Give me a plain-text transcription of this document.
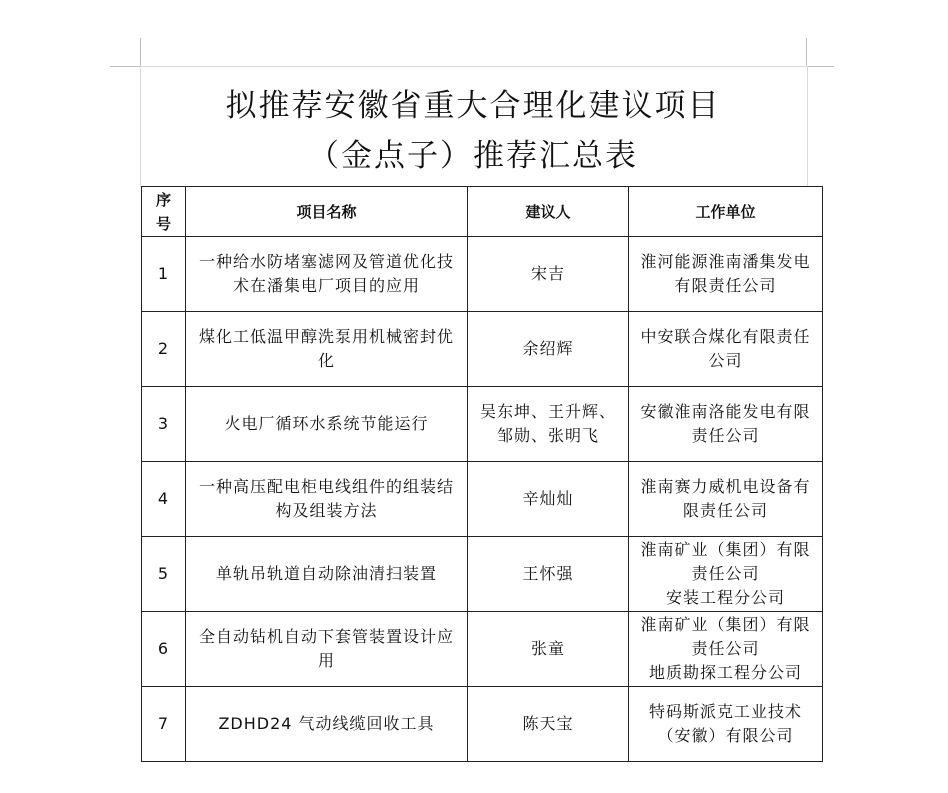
拟推荐安徽省重大合理化建议项目
（金点子）推荐汇总表
序
号	项目名称	建议人	工作单位
1	一种给水防堵塞滤网及管道优化技术在潘集电厂项目的应用	宋吉	淮河能源淮南潘集发电有限责任公司

2	煤化工低温甲醇洗泵用机械密封优化	余绍辉	中安联合煤化有限责任公司

3	火电厂循环水系统节能运行	吴东坤、王升辉、邹勋、张明飞	安徽淮南洛能发电有限责任公司

4	一种高压配电柜电线组件的组装结构及组装方法	辛灿灿	淮南赛力威机电设备有限责任公司

5	单轨吊轨道自动除油清扫装置	王怀强	淮南矿业（集团）有限责任公司
安装工程分公司

6	全自动钻机自动下套管装置设计应用	张童	淮南矿业（集团）有限责任公司
地质勘探工程分公司

7	ZDHD24 气动线缆回收工具	陈天宝	特码斯派克工业技术（安徽）有限公司
